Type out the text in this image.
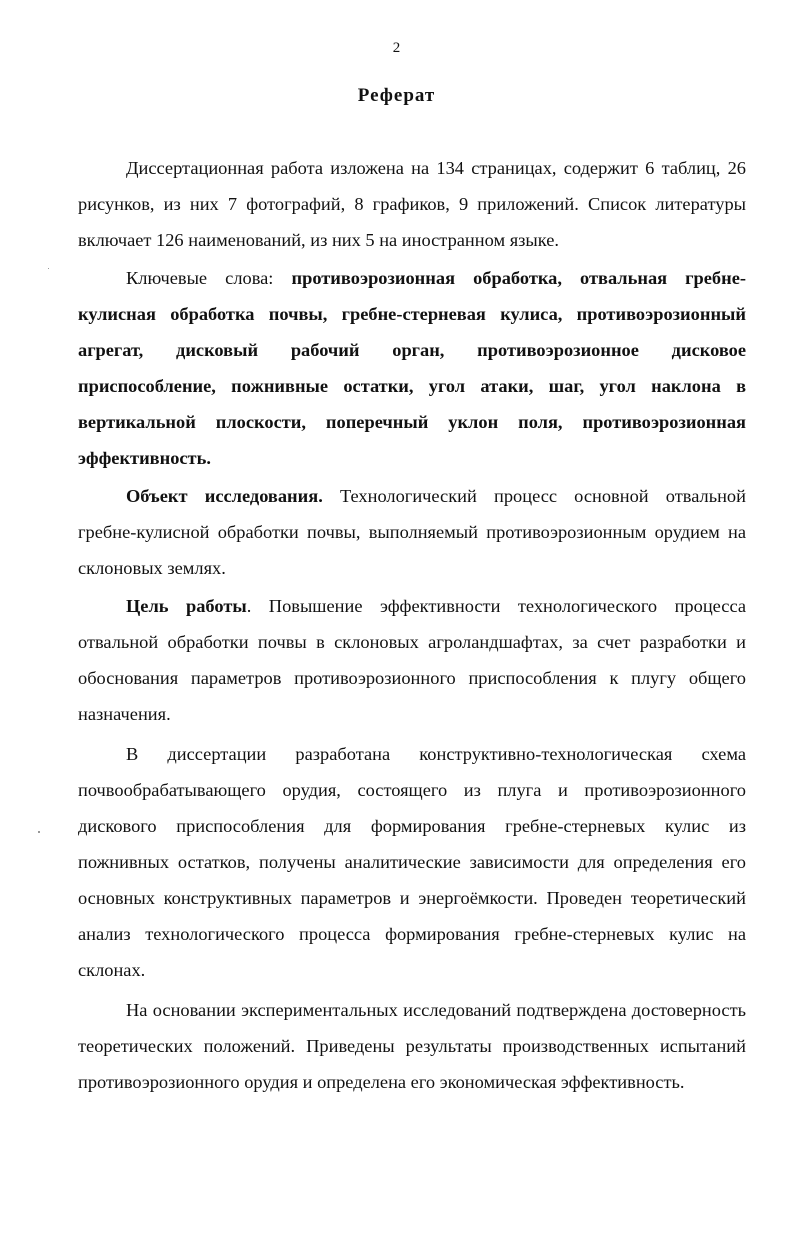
2
Реферат

Диссертационная работа изложена на 134 страницах, содержит 6 таблиц, 26 рисунков, из них 7 фотографий, 8 графиков, 9 приложений. Список литературы включает 126 наименований, из них 5 на иностранном языке.

Ключевые слова: противоэрозионная обработка, отвальная гребне-кулисная обработка почвы, гребне-стерневая кулиса, противоэрозионный агрегат, дисковый рабочий орган, противоэрозионное дисковое приспособление, пожнивные остатки, угол атаки, шаг, угол наклона в вертикальной плоскости, поперечный уклон поля, противоэрозионная эффективность.

Объект исследования. Технологический процесс основной отвальной гребне-кулисной обработки почвы, выполняемый противоэрозионным орудием на склоновых землях.

Цель работы. Повышение эффективности технологического процесса отвальной обработки почвы в склоновых агроландшафтах, за счет разработки и обоснования параметров противоэрозионного приспособления к плугу общего назначения.

В диссертации разработана конструктивно-технологическая схема почвообрабатывающего орудия, состоящего из плуга и противоэрозионного дискового приспособления для формирования гребне-стерневых кулис из пожнивных остатков, получены аналитические зависимости для определения его основных конструктивных параметров и энергоёмкости. Проведен теоретический анализ технологического процесса формирования гребне-стерневых кулис на склонах.

На основании экспериментальных исследований подтверждена достоверность теоретических положений. Приведены результаты производственных испытаний противоэрозионного орудия и определена его экономическая эффективность.
